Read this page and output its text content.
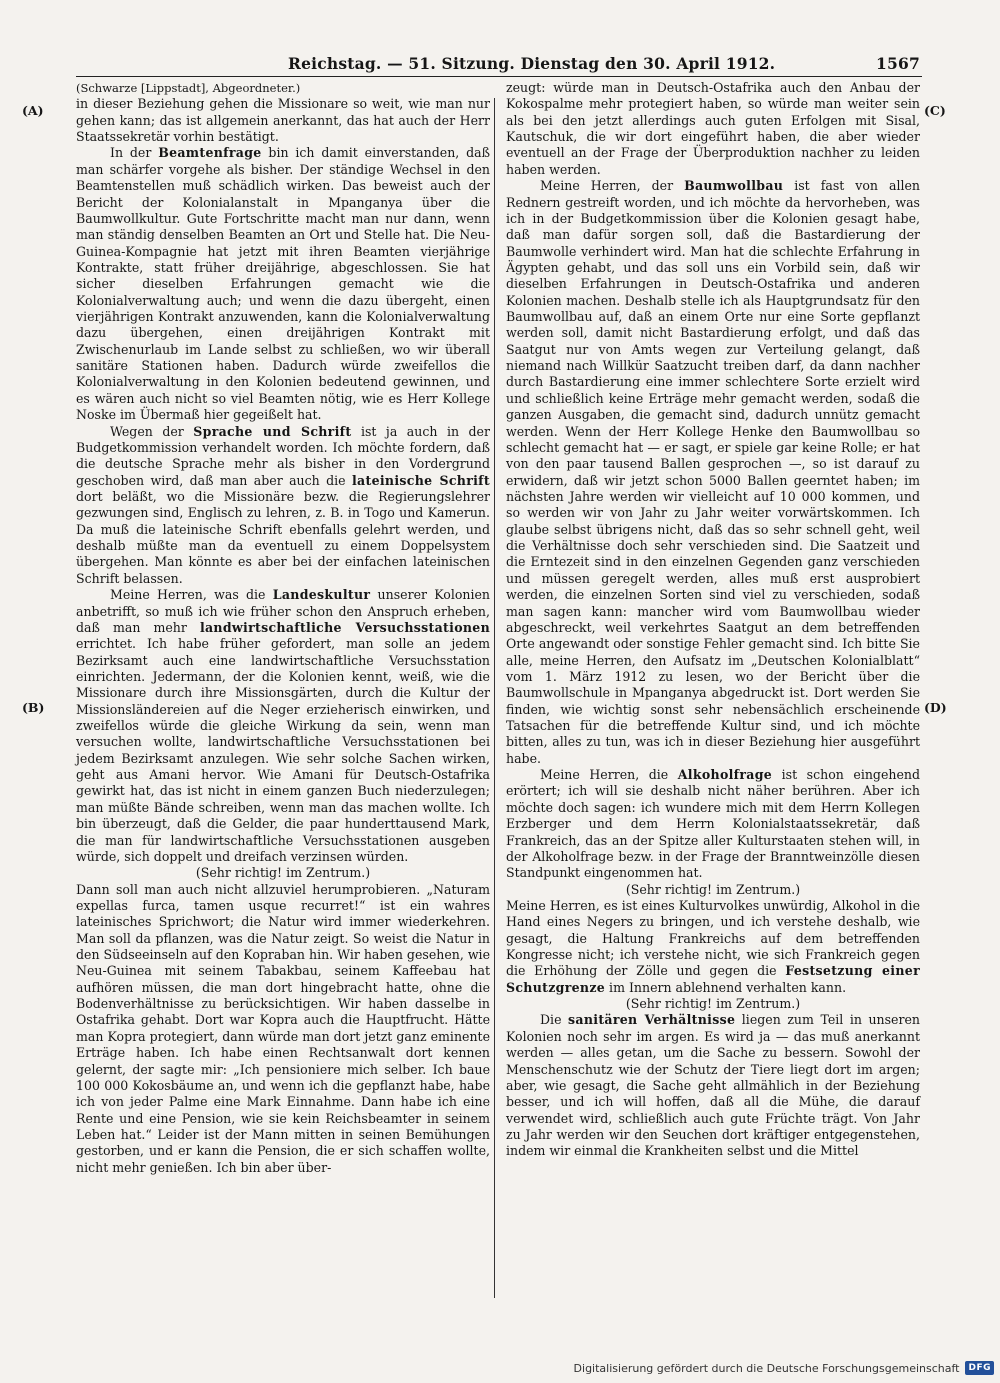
Reichstag. — 51. Sitzung. Dienstag den 30. April 1912.	1567
(A)
(B)
(C)
(D)

(Schwarze [Lippstadt], Abgeordneter.)

in dieser Beziehung gehen die Missionare so weit, wie man nur gehen kann; das ist allgemein anerkannt, das hat auch der Herr Staatssekretär vorhin bestätigt.

In der Beamtenfrage bin ich damit einverstanden, daß man schärfer vorgehe als bisher. Der ständige Wechsel in den Beamtenstellen muß schädlich wirken. Das beweist auch der Bericht der Kolonialanstalt in Mpanganya über die Baumwollkultur. Gute Fortschritte macht man nur dann, wenn man ständig denselben Beamten an Ort und Stelle hat. Die Neu-Guinea-Kompagnie hat jetzt mit ihren Beamten vierjährige Kontrakte, statt früher dreijährige, abgeschlossen. Sie hat sicher dieselben Erfahrungen gemacht wie die Kolonialverwaltung auch; und wenn die dazu übergeht, einen vierjährigen Kontrakt anzuwenden, kann die Kolonialverwaltung dazu übergehen, einen dreijährigen Kontrakt mit Zwischenurlaub im Lande selbst zu schließen, wo wir überall sanitäre Stationen haben. Dadurch würde zweifellos die Kolonialverwaltung in den Kolonien bedeutend gewinnen, und es wären auch nicht so viel Beamten nötig, wie es Herr Kollege Noske im Übermaß hier gegeißelt hat.

Wegen der Sprache und Schrift ist ja auch in der Budgetkommission verhandelt worden. Ich möchte fordern, daß die deutsche Sprache mehr als bisher in den Vordergrund geschoben wird, daß man aber auch die lateinische Schrift dort beläßt, wo die Missionäre bezw. die Regierungslehrer gezwungen sind, Englisch zu lehren, z. B. in Togo und Kamerun. Da muß die lateinische Schrift ebenfalls gelehrt werden, und deshalb müßte man da eventuell zu einem Doppelsystem übergehen. Man könnte es aber bei der einfachen lateinischen Schrift belassen.

Meine Herren, was die Landeskultur unserer Kolonien anbetrifft, so muß ich wie früher schon den Anspruch erheben, daß man mehr landwirtschaftliche Versuchsstationen errichtet. Ich habe früher gefordert, man solle an jedem Bezirksamt auch eine landwirtschaftliche Versuchsstation einrichten. Jedermann, der die Kolonien kennt, weiß, wie die Missionare durch ihre Missionsgärten, durch die Kultur der Missionsländereien auf die Neger erzieherisch einwirken, und zweifellos würde die gleiche Wirkung da sein, wenn man versuchen wollte, landwirtschaftliche Versuchsstationen bei jedem Bezirksamt anzulegen. Wie sehr solche Sachen wirken, geht aus Amani hervor. Wie Amani für Deutsch-Ostafrika gewirkt hat, das ist nicht in einem ganzen Buch niederzulegen; man müßte Bände schreiben, wenn man das machen wollte. Ich bin überzeugt, daß die Gelder, die paar hunderttausend Mark, die man für landwirtschaftliche Versuchsstationen ausgeben würde, sich doppelt und dreifach verzinsen würden.

(Sehr richtig! im Zentrum.)

Dann soll man auch nicht allzuviel herumprobieren. „Naturam expellas furca, tamen usque recurret!“ ist ein wahres lateinisches Sprichwort; die Natur wird immer wiederkehren. Man soll da pflanzen, was die Natur zeigt. So weist die Natur in den Südseeinseln auf den Kopraban hin. Wir haben gesehen, wie Neu-Guinea mit seinem Tabakbau, seinem Kaffeebau hat aufhören müssen, die man dort hingebracht hatte, ohne die Bodenverhältnisse zu berücksichtigen. Wir haben dasselbe in Ostafrika gehabt. Dort war Kopra auch die Hauptfrucht. Hätte man Kopra protegiert, dann würde man dort jetzt ganz eminente Erträge haben. Ich habe einen Rechtsanwalt dort kennen gelernt, der sagte mir: „Ich pensioniere mich selber. Ich baue 100 000 Kokosbäume an, und wenn ich die gepflanzt habe, habe ich von jeder Palme eine Mark Einnahme. Dann habe ich eine Rente und eine Pension, wie sie kein Reichsbeamter in seinem Leben hat.“ Leider ist der Mann mitten in seinen Bemühungen gestorben, und er kann die Pension, die er sich schaffen wollte, nicht mehr genießen. Ich bin aber über-

zeugt: würde man in Deutsch-Ostafrika auch den Anbau der Kokospalme mehr protegiert haben, so würde man weiter sein als bei den jetzt allerdings auch guten Erfolgen mit Sisal, Kautschuk, die wir dort eingeführt haben, die aber wieder eventuell an der Frage der Überproduktion nachher zu leiden haben werden.

Meine Herren, der Baumwollbau ist fast von allen Rednern gestreift worden, und ich möchte da hervorheben, was ich in der Budgetkommission über die Kolonien gesagt habe, daß man dafür sorgen soll, daß die Bastardierung der Baumwolle verhindert wird. Man hat die schlechte Erfahrung in Ägypten gehabt, und das soll uns ein Vorbild sein, daß wir dieselben Erfahrungen in Deutsch-Ostafrika und anderen Kolonien machen. Deshalb stelle ich als Hauptgrundsatz für den Baumwollbau auf, daß an einem Orte nur eine Sorte gepflanzt werden soll, damit nicht Bastardierung erfolgt, und daß das Saatgut nur von Amts wegen zur Verteilung gelangt, daß niemand nach Willkür Saatzucht treiben darf, da dann nachher durch Bastardierung eine immer schlechtere Sorte erzielt wird und schließlich keine Erträge mehr gemacht werden, sodaß die ganzen Ausgaben, die gemacht sind, dadurch unnütz gemacht werden. Wenn der Herr Kollege Henke den Baumwollbau so schlecht gemacht hat — er sagt, er spiele gar keine Rolle; er hat von den paar tausend Ballen gesprochen —, so ist darauf zu erwidern, daß wir jetzt schon 5000 Ballen geerntet haben; im nächsten Jahre werden wir vielleicht auf 10 000 kommen, und so werden wir von Jahr zu Jahr weiter vorwärtskommen. Ich glaube selbst übrigens nicht, daß das so sehr schnell geht, weil die Verhältnisse doch sehr verschieden sind. Die Saatzeit und die Erntezeit sind in den einzelnen Gegenden ganz verschieden und müssen geregelt werden, alles muß erst ausprobiert werden, die einzelnen Sorten sind viel zu verschieden, sodaß man sagen kann: mancher wird vom Baumwollbau wieder abgeschreckt, weil verkehrtes Saatgut an dem betreffenden Orte angewandt oder sonstige Fehler gemacht sind. Ich bitte Sie alle, meine Herren, den Aufsatz im „Deutschen Kolonialblatt“ vom 1. März 1912 zu lesen, wo der Bericht über die Baumwollschule in Mpanganya abgedruckt ist. Dort werden Sie finden, wie wichtig sonst sehr nebensächlich erscheinende Tatsachen für die betreffende Kultur sind, und ich möchte bitten, alles zu tun, was ich in dieser Beziehung hier ausgeführt habe.

Meine Herren, die Alkoholfrage ist schon eingehend erörtert; ich will sie deshalb nicht näher berühren. Aber ich möchte doch sagen: ich wundere mich mit dem Herrn Kollegen Erzberger und dem Herrn Kolonialstaatssekretär, daß Frankreich, das an der Spitze aller Kulturstaaten stehen will, in der Alkoholfrage bezw. in der Frage der Branntweinzölle diesen Standpunkt eingenommen hat.

(Sehr richtig! im Zentrum.)

Meine Herren, es ist eines Kulturvolkes unwürdig, Alkohol in die Hand eines Negers zu bringen, und ich verstehe deshalb, wie gesagt, die Haltung Frankreichs auf dem betreffenden Kongresse nicht; ich verstehe nicht, wie sich Frankreich gegen die Erhöhung der Zölle und gegen die Festsetzung einer Schutzgrenze im Innern ablehnend verhalten kann.

(Sehr richtig! im Zentrum.)

Die sanitären Verhältnisse liegen zum Teil in unseren Kolonien noch sehr im argen. Es wird ja — das muß anerkannt werden — alles getan, um die Sache zu bessern. Sowohl der Menschenschutz wie der Schutz der Tiere liegt dort im argen; aber, wie gesagt, die Sache geht allmählich in der Beziehung besser, und ich will hoffen, daß all die Mühe, die darauf verwendet wird, schließlich auch gute Früchte trägt. Von Jahr zu Jahr werden wir den Seuchen dort kräftiger entgegenstehen, indem wir einmal die Krankheiten selbst und die Mittel

Digitalisierung gefördert durch die Deutsche Forschungsgemeinschaft	DFG
